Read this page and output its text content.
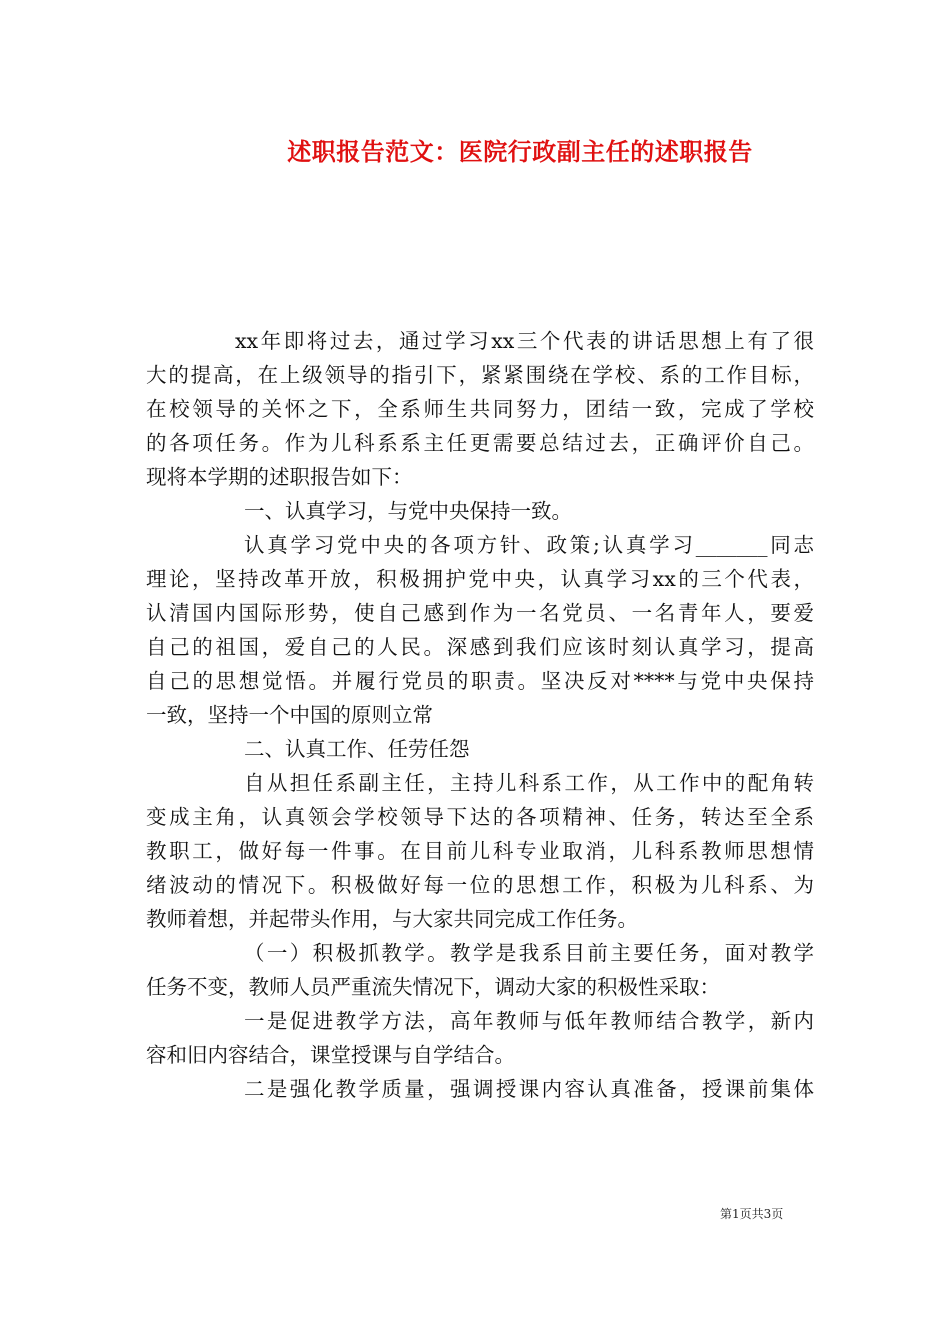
述职报告范文：医院行政副主任的述职报告
xx年即将过去，通过学习xx三个代表的讲话思想上有了很
大的提高，在上级领导的指引下，紧紧围绕在学校、系的工作目标，
在校领导的关怀之下，全系师生共同努力，团结一致，完成了学校
的各项任务。作为儿科系系主任更需要总结过去，正确评价自己。
现将本学期的述职报告如下：
一、认真学习，与党中央保持一致。
认真学习党中央的各项方针、政策;认真学习_______同志
理论，坚持改革开放，积极拥护党中央，认真学习xx的三个代表，
认清国内国际形势，使自己感到作为一名党员、一名青年人，要爱
自己的祖国，爱自己的人民。深感到我们应该时刻认真学习，提高
自己的思想觉悟。并履行党员的职责。坚决反对****与党中央保持
一致，坚持一个中国的原则立常
二、认真工作、任劳任怨
自从担任系副主任，主持儿科系工作，从工作中的配角转
变成主角，认真领会学校领导下达的各项精神、任务，转达至全系
教职工，做好每一件事。在目前儿科专业取消，儿科系教师思想情
绪波动的情况下。积极做好每一位的思想工作，积极为儿科系、为
教师着想，并起带头作用，与大家共同完成工作任务。
（一）积极抓教学。教学是我系目前主要任务，面对教学
任务不变，教师人员严重流失情况下，调动大家的积极性采取：
一是促进教学方法，高年教师与低年教师结合教学，新内
容和旧内容结合，课堂授课与自学结合。
二是强化教学质量，强调授课内容认真准备，授课前集体
第1页共3页
